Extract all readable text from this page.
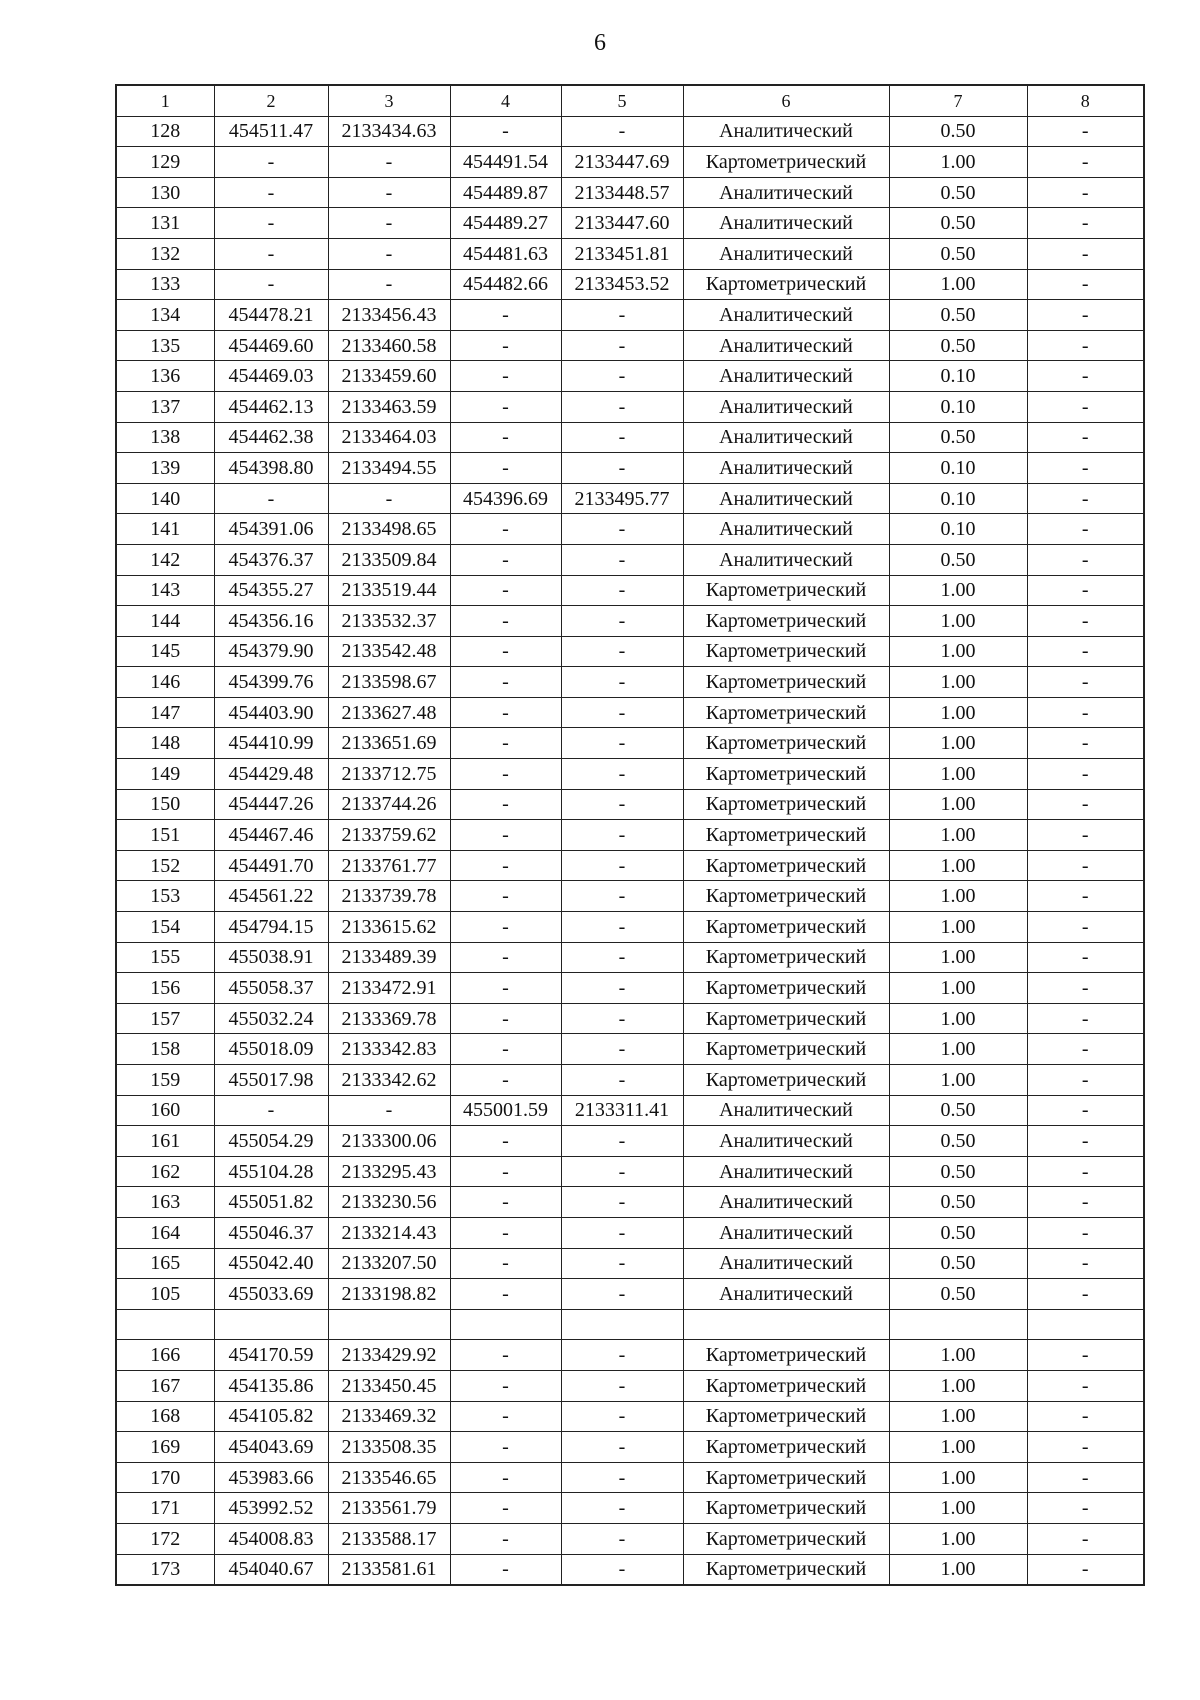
6
1	2	3	4	5	6	7	8
128	454511.47	2133434.63	-	-	Аналитический	0.50	-
129	-	-	454491.54	2133447.69	Картометрический	1.00	-
130	-	-	454489.87	2133448.57	Аналитический	0.50	-
131	-	-	454489.27	2133447.60	Аналитический	0.50	-
132	-	-	454481.63	2133451.81	Аналитический	0.50	-
133	-	-	454482.66	2133453.52	Картометрический	1.00	-
134	454478.21	2133456.43	-	-	Аналитический	0.50	-
135	454469.60	2133460.58	-	-	Аналитический	0.50	-
136	454469.03	2133459.60	-	-	Аналитический	0.10	-
137	454462.13	2133463.59	-	-	Аналитический	0.10	-
138	454462.38	2133464.03	-	-	Аналитический	0.50	-
139	454398.80	2133494.55	-	-	Аналитический	0.10	-
140	-	-	454396.69	2133495.77	Аналитический	0.10	-
141	454391.06	2133498.65	-	-	Аналитический	0.10	-
142	454376.37	2133509.84	-	-	Аналитический	0.50	-
143	454355.27	2133519.44	-	-	Картометрический	1.00	-
144	454356.16	2133532.37	-	-	Картометрический	1.00	-
145	454379.90	2133542.48	-	-	Картометрический	1.00	-
146	454399.76	2133598.67	-	-	Картометрический	1.00	-
147	454403.90	2133627.48	-	-	Картометрический	1.00	-
148	454410.99	2133651.69	-	-	Картометрический	1.00	-
149	454429.48	2133712.75	-	-	Картометрический	1.00	-
150	454447.26	2133744.26	-	-	Картометрический	1.00	-
151	454467.46	2133759.62	-	-	Картометрический	1.00	-
152	454491.70	2133761.77	-	-	Картометрический	1.00	-
153	454561.22	2133739.78	-	-	Картометрический	1.00	-
154	454794.15	2133615.62	-	-	Картометрический	1.00	-
155	455038.91	2133489.39	-	-	Картометрический	1.00	-
156	455058.37	2133472.91	-	-	Картометрический	1.00	-
157	455032.24	2133369.78	-	-	Картометрический	1.00	-
158	455018.09	2133342.83	-	-	Картометрический	1.00	-
159	455017.98	2133342.62	-	-	Картометрический	1.00	-
160	-	-	455001.59	2133311.41	Аналитический	0.50	-
161	455054.29	2133300.06	-	-	Аналитический	0.50	-
162	455104.28	2133295.43	-	-	Аналитический	0.50	-
163	455051.82	2133230.56	-	-	Аналитический	0.50	-
164	455046.37	2133214.43	-	-	Аналитический	0.50	-
165	455042.40	2133207.50	-	-	Аналитический	0.50	-
105	455033.69	2133198.82	-	-	Аналитический	0.50	-

166	454170.59	2133429.92	-	-	Картометрический	1.00	-
167	454135.86	2133450.45	-	-	Картометрический	1.00	-
168	454105.82	2133469.32	-	-	Картометрический	1.00	-
169	454043.69	2133508.35	-	-	Картометрический	1.00	-
170	453983.66	2133546.65	-	-	Картометрический	1.00	-
171	453992.52	2133561.79	-	-	Картометрический	1.00	-
172	454008.83	2133588.17	-	-	Картометрический	1.00	-
173	454040.67	2133581.61	-	-	Картометрический	1.00	-
